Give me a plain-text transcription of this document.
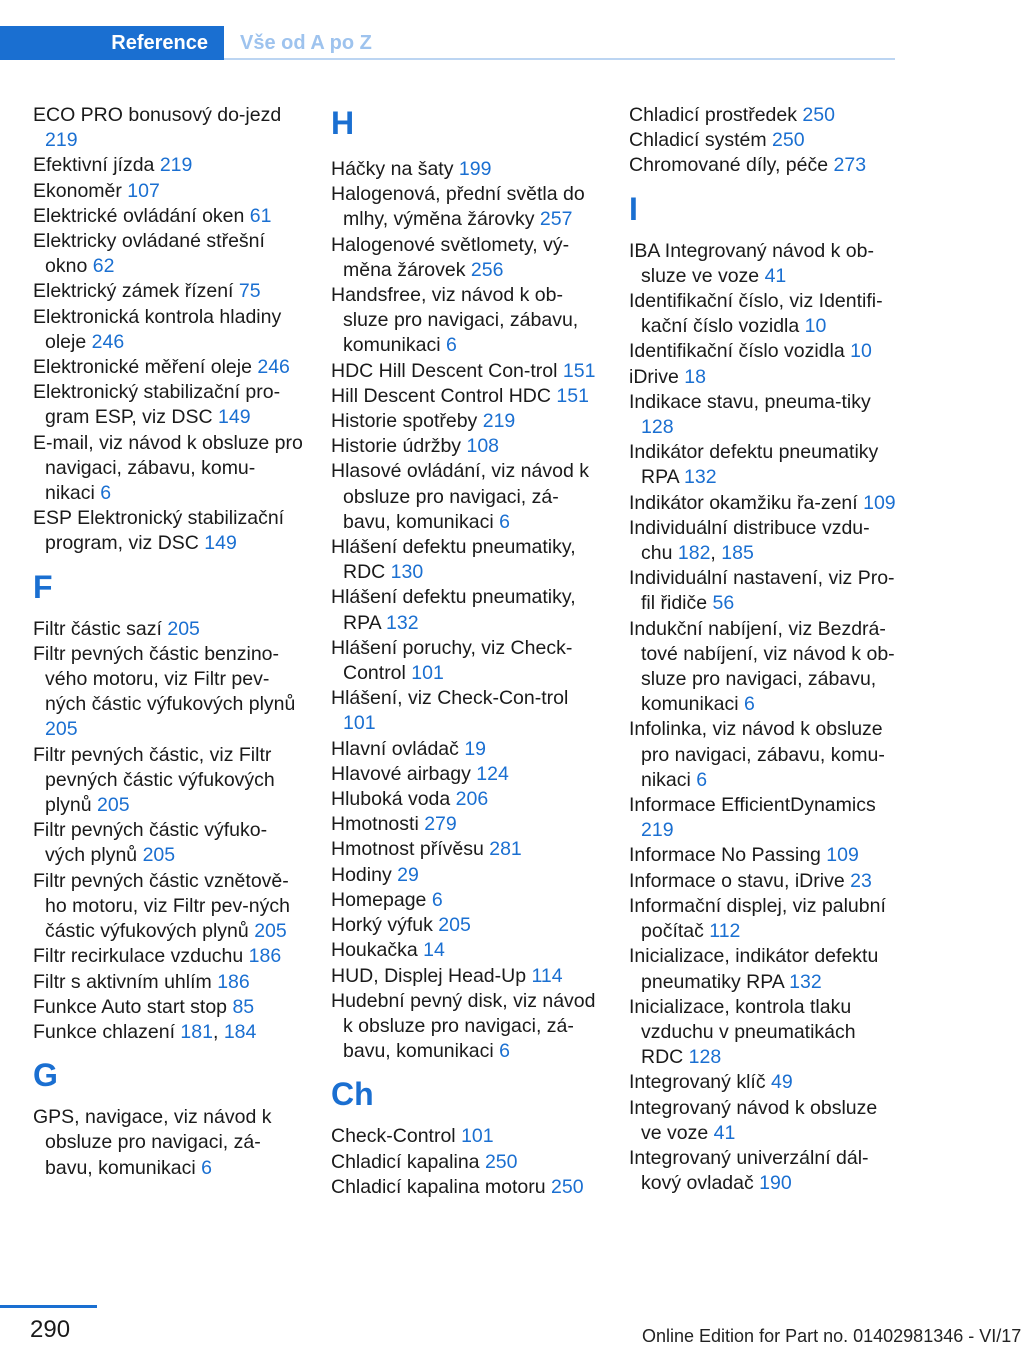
Reference	Vše od A po Z
ECO PRO bonusový do-jezd 219
Efektivní jízda 219
Ekonoměr 107
Elektrické ovládání oken 61
Elektricky ovládané střešní okno 62
Elektrický zámek řízení 75
Elektronická kontrola hladiny oleje 246
Elektronické měření oleje 246
Elektronický stabilizační pro-gram ESP, viz DSC 149
E-mail, viz návod k obsluze pro navigaci, zábavu, komu-nikaci 6
ESP Elektronický stabilizační program, viz DSC 149
F
Filtr částic sazí 205
Filtr pevných částic benzino-vého motoru, viz Filtr pev-ných částic výfukových plynů 205
Filtr pevných částic, viz Filtr pevných částic výfukových plynů 205
Filtr pevných částic výfuko-vých plynů 205
Filtr pevných částic vznětově-ho motoru, viz Filtr pev-ných částic výfukových plynů 205
Filtr recirkulace vzduchu 186
Filtr s aktivním uhlím 186
Funkce Auto start stop 85
Funkce chlazení 181, 184
G
GPS, navigace, viz návod k obsluze pro navigaci, zá-bavu, komunikaci 6
H
Háčky na šaty 199
Halogenová, přední světla do mlhy, výměna žárovky 257
Halogenové světlomety, vý-měna žárovek 256
Handsfree, viz návod k ob-sluze pro navigaci, zábavu, komunikaci 6
HDC Hill Descent Con-trol 151
Hill Descent Control HDC 151
Historie spotřeby 219
Historie údržby 108
Hlasové ovládání, viz návod k obsluze pro navigaci, zá-bavu, komunikaci 6
Hlášení defektu pneumatiky, RDC 130
Hlášení defektu pneumatiky, RPA 132
Hlášení poruchy, viz Check-Control 101
Hlášení, viz Check-Con-trol 101
Hlavní ovládač 19
Hlavové airbagy 124
Hluboká voda 206
Hmotnosti 279
Hmotnost přívěsu 281
Hodiny 29
Homepage 6
Horký výfuk 205
Houkačka 14
HUD, Displej Head-Up 114
Hudební pevný disk, viz návod k obsluze pro navigaci, zá-bavu, komunikaci 6
Ch
Check-Control 101
Chladicí kapalina 250
Chladicí kapalina motoru 250
Chladicí prostředek 250
Chladicí systém 250
Chromované díly, péče 273
I
IBA Integrovaný návod k ob-sluze ve voze 41
Identifikační číslo, viz Identifi-kační číslo vozidla 10
Identifikační číslo vozidla 10
iDrive 18
Indikace stavu, pneuma-tiky 128
Indikátor defektu pneumatiky RPA 132
Indikátor okamžiku řa-zení 109
Individuální distribuce vzdu-chu 182, 185
Individuální nastavení, viz Pro-fil řidiče 56
Indukční nabíjení, viz Bezdrá-tové nabíjení, viz návod k ob-sluze pro navigaci, zábavu, komunikaci 6
Infolinka, viz návod k obsluze pro navigaci, zábavu, komu-nikaci 6
Informace EfficientDynamics 219
Informace No Passing 109
Informace o stavu, iDrive 23
Informační displej, viz palubní počítač 112
Inicializace, indikátor defektu pneumatiky RPA 132
Inicializace, kontrola tlaku vzduchu v pneumatikách RDC 128
Integrovaný klíč 49
Integrovaný návod k obsluze ve voze 41
Integrovaný univerzální dál-kový ovladač 190
290	Online Edition for Part no. 01402981346 - VI/17
